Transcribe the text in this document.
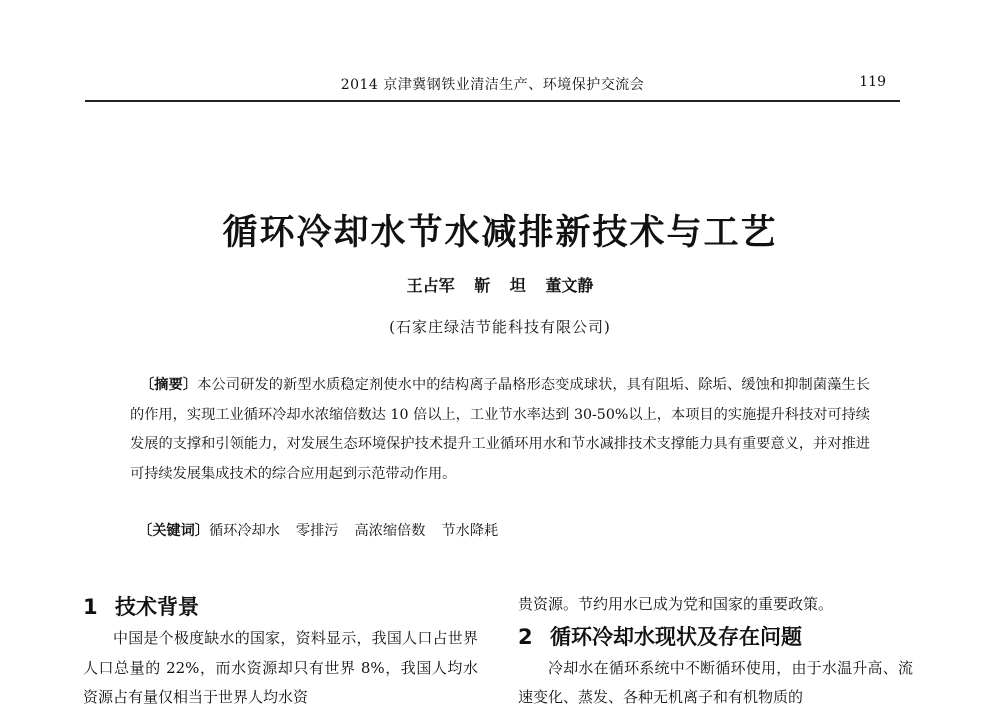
2014 京津冀钢铁业清洁生产、环境保护交流会	119
循环冷却水节水减排新技术与工艺
王占军 靳 坦 董文静
(石家庄绿洁节能科技有限公司)
〔摘要〕本公司研发的新型水质稳定剂使水中的结构离子晶格形态变成球状，具有阻垢、除垢、缓蚀和抑制菌藻生长的作用，实现工业循环冷却水浓缩倍数达 10 倍以上，工业节水率达到 30-50%以上，本项目的实施提升科技对可持续发展的支撑和引领能力，对发展生态环境保护技术提升工业循环用水和节水减排技术支撑能力具有重要意义，并对推进可持续发展集成技术的综合应用起到示范带动作用。
〔关键词〕循环冷却水 零排污 高浓缩倍数 节水降耗
1 技术背景
中国是个极度缺水的国家，资料显示，我国人口占世界人口总量的 22%，而水资源却只有世界 8%，我国人均水资源占有量仅相当于世界人均水资
贵资源。节约用水已成为党和国家的重要政策。
2 循环冷却水现状及存在问题
冷却水在循环系统中不断循环使用，由于水温升高、流速变化、蒸发、各种无机离子和有机物质的
